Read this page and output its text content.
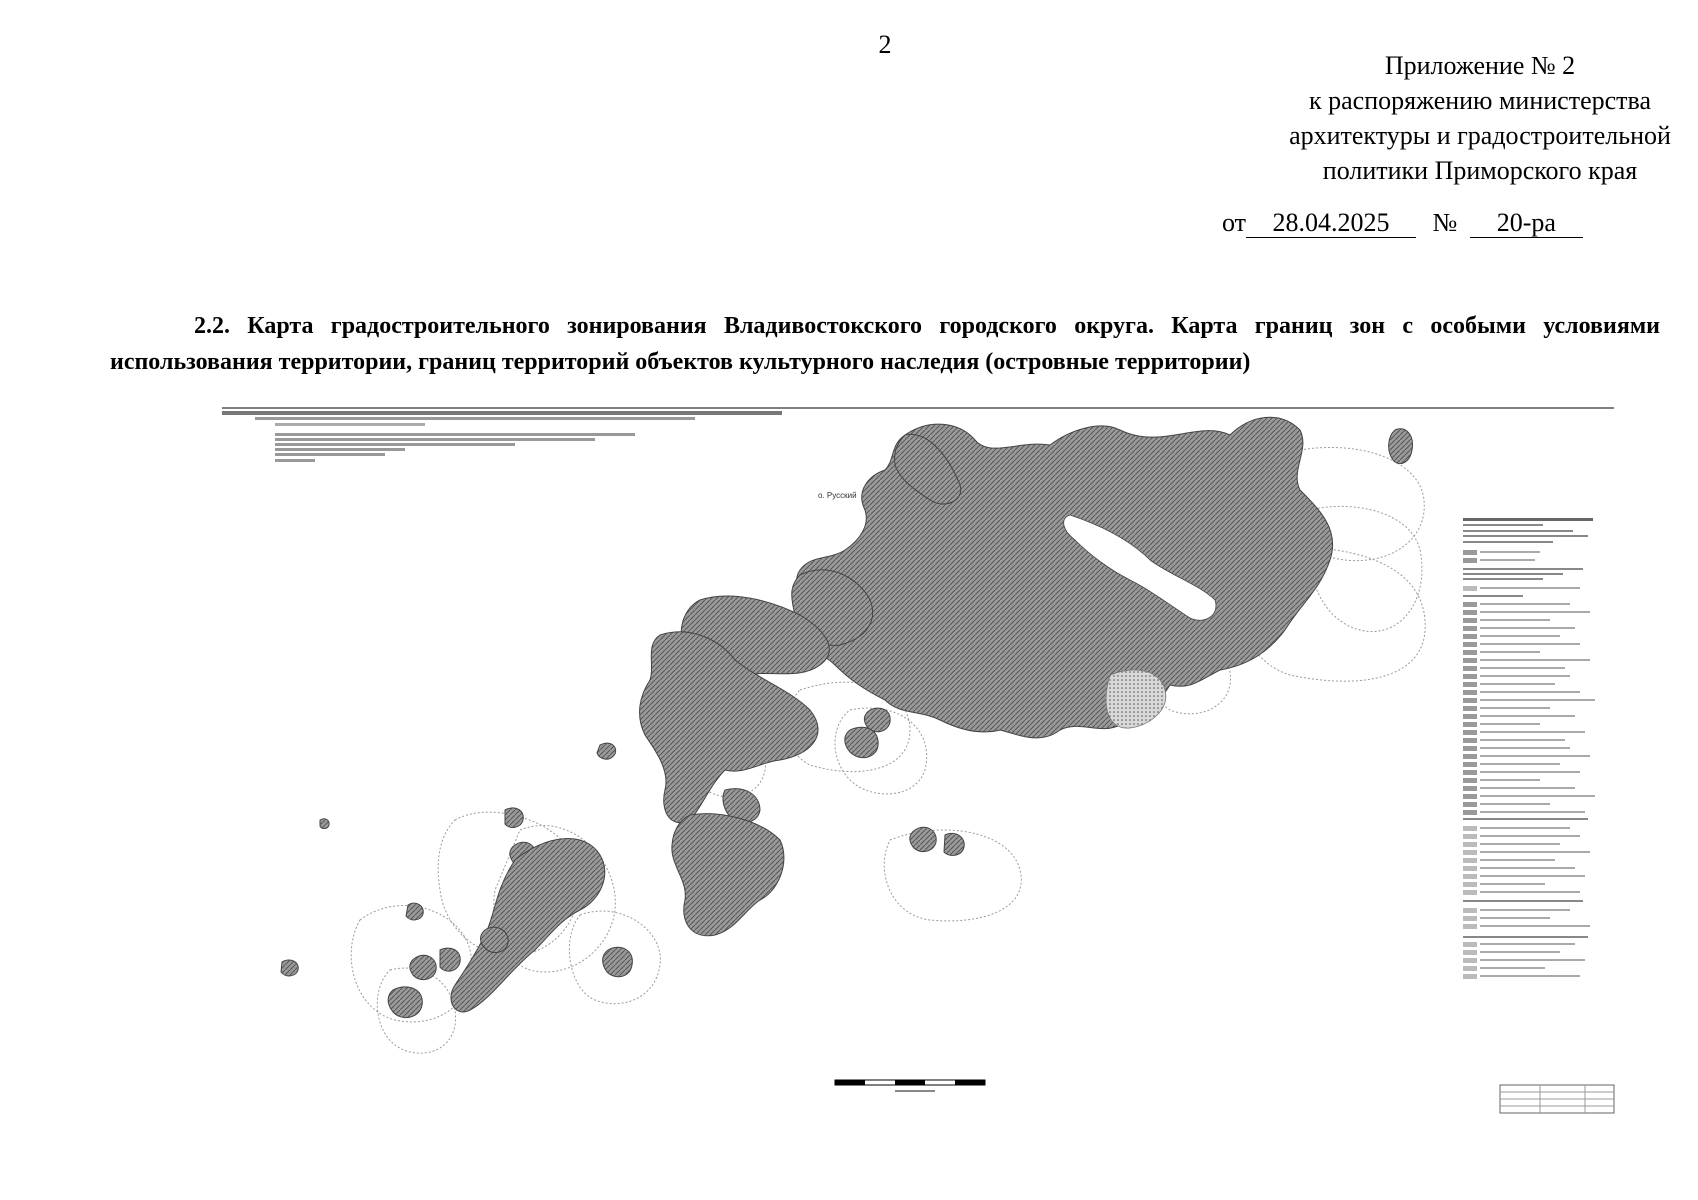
2
Приложение № 2
к распоряжению министерства
архитектуры и градостроительной
политики Приморского края
от 28.04.2025 № 20-ра
2.2. Карта градостроительного зонирования Владивостокского городского округа. Карта границ зон с особыми условиями использования территории, границ территорий объектов культурного наследия (островные территории)
о. Русский
